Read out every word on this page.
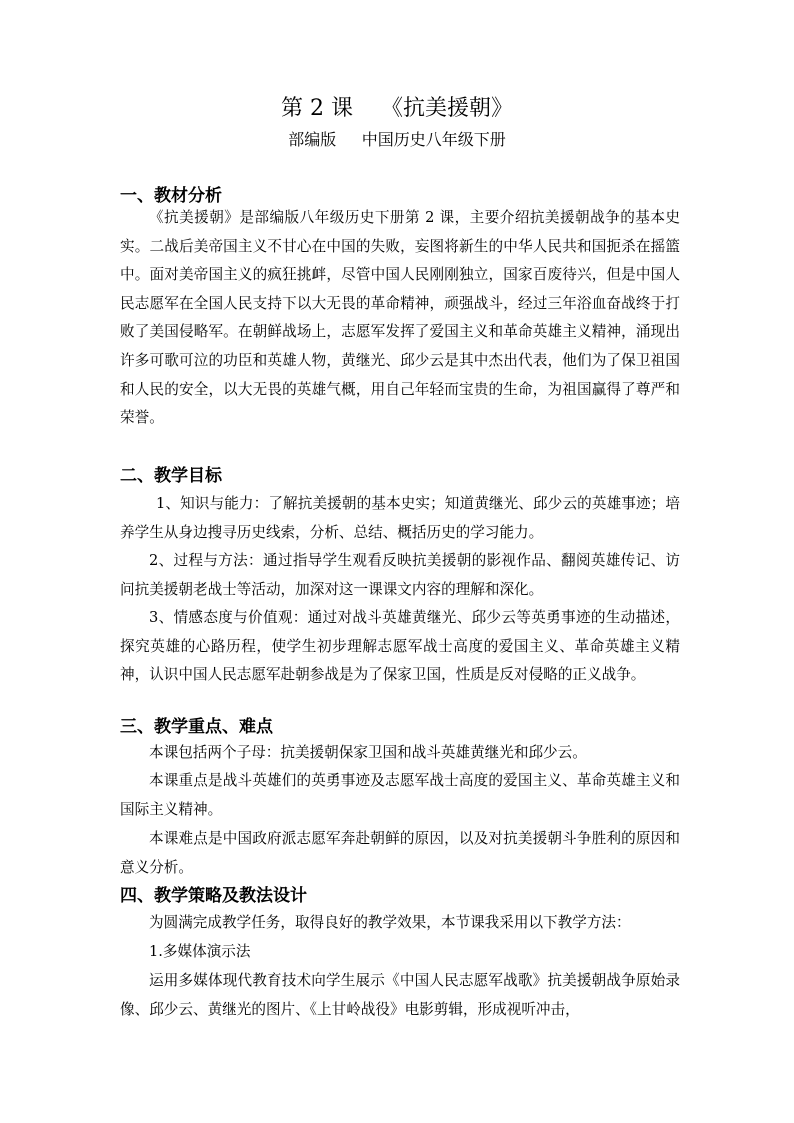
第 2 课    《抗美援朝》
部编版     中国历史八年级下册
一、教材分析

《抗美援朝》是部编版八年级历史下册第 2 课，主要介绍抗美援朝战争的基本史实。二战后美帝国主义不甘心在中国的失败，妄图将新生的中华人民共和国扼杀在摇篮中。面对美帝国主义的疯狂挑衅，尽管中国人民刚刚独立，国家百废待兴，但是中国人民志愿军在全国人民支持下以大无畏的革命精神，顽强战斗，经过三年浴血奋战终于打败了美国侵略军。在朝鲜战场上，志愿军发挥了爱国主义和革命英雄主义精神，涌现出许多可歌可泣的功臣和英雄人物，黄继光、邱少云是其中杰出代表，他们为了保卫祖国和人民的安全，以大无畏的英雄气概，用自己年轻而宝贵的生命，为祖国赢得了尊严和荣誉。

二、教学目标

1、知识与能力：了解抗美援朝的基本史实；知道黄继光、邱少云的英雄事迹；培养学生从身边搜寻历史线索，分析、总结、概括历史的学习能力。

2、过程与方法：通过指导学生观看反映抗美援朝的影视作品、翻阅英雄传记、访问抗美援朝老战士等活动，加深对这一课课文内容的理解和深化。

3、情感态度与价值观：通过对战斗英雄黄继光、邱少云等英勇事迹的生动描述，探究英雄的心路历程，使学生初步理解志愿军战士高度的爱国主义、革命英雄主义精神，认识中国人民志愿军赴朝参战是为了保家卫国，性质是反对侵略的正义战争。

三、教学重点、难点

本课包括两个子母：抗美援朝保家卫国和战斗英雄黄继光和邱少云。

本课重点是战斗英雄们的英勇事迹及志愿军战士高度的爱国主义、革命英雄主义和国际主义精神。

本课难点是中国政府派志愿军奔赴朝鲜的原因，以及对抗美援朝斗争胜利的原因和意义分析。

四、教学策略及教法设计

为圆满完成教学任务，取得良好的教学效果，本节课我采用以下教学方法：

1.多媒体演示法

运用多媒体现代教育技术向学生展示《中国人民志愿军战歌》抗美援朝战争原始录像、邱少云、黄继光的图片、《上甘岭战役》电影剪辑，形成视听冲击，
